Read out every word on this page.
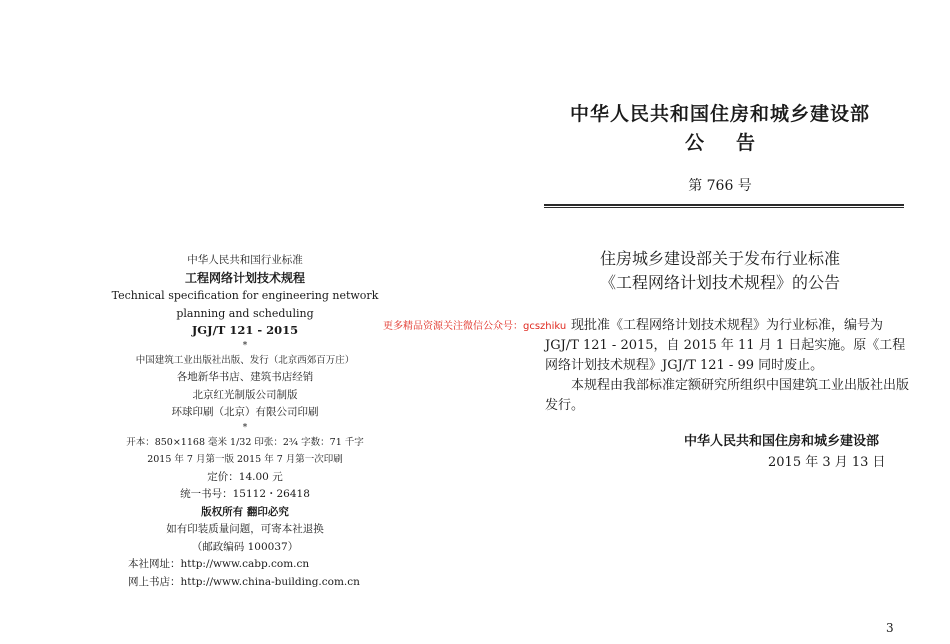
中华人民共和国行业标准
工程网络计划技术规程
Technical specification for engineering network
planning and scheduling
JGJ/T 121 - 2015
*
中国建筑工业出版社出版、发行（北京西郊百万庄）
各地新华书店、建筑书店经销
北京红光制版公司制版
环球印刷（北京）有限公司印刷
*
开本：850×1168 毫米 1/32 印张：2¾ 字数：71 千字
2015 年 7 月第一版 2015 年 7 月第一次印刷
定价：14.00 元
统一书号：15112・26418
版权所有 翻印必究
如有印装质量问题，可寄本社退换
（邮政编码 100037）
本社网址：http://www.cabp.com.cn
网上书店：http://www.china-building.com.cn
更多精品资源关注微信公众号：gcszhiku
中华人民共和国住房和城乡建设部
公 告
第 766 号
住房城乡建设部关于发布行业标准
《工程网络计划技术规程》的公告

现批准《工程网络计划技术规程》为行业标准，编号为 JGJ/T 121 - 2015，自 2015 年 11 月 1 日起实施。原《工程网络计划技术规程》JGJ/T 121 - 99 同时废止。

本规程由我部标准定额研究所组织中国建筑工业出版社出版发行。

中华人民共和国住房和城乡建设部
2015 年 3 月 13 日
3
